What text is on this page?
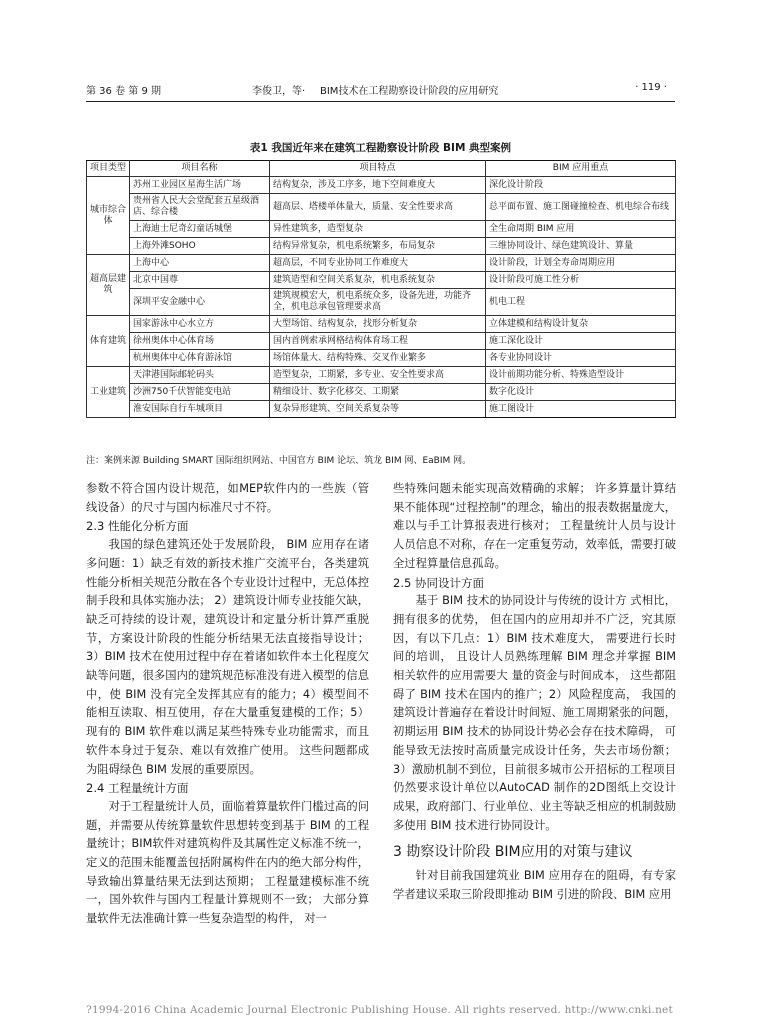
第 36 卷 第 9 期	李俊卫，等· BIM技术在工程勘察设计阶段的应用研究	· 119 ·
表1 我国近年来在建筑工程勘察设计阶段 BIM 典型案例
项目类型	项目名称	项目特点	BIM 应用重点
城市综合体	苏州工业园区星海生活广场	结构复杂，涉及工序多，地下空间难度大	深化设计阶段
	贵州省人民大会堂配套五星级酒店、综合楼	超高层、塔楼单体量大，质量、安全性要求高	总平面布置、施工图碰撞检查、机电综合布线
	上海迪士尼奇幻童话城堡	异性建筑多，造型复杂	全生命周期 BIM 应用
	上海外滩SOHO	结构异常复杂，机电系统繁多，布局复杂	三维协同设计、绿色建筑设计、算量
超高层建筑	上海中心	超高层，不同专业协同工作难度大	设计阶段，计划全寿命周期应用
	北京中国尊	建筑造型和空间关系复杂，机电系统复杂	设计阶段可施工性分析
	深圳平安金融中心	建筑规模宏大，机电系统众多，设备先进，功能齐全，机电总承包管理要求高	机电工程
体育建筑	国家游泳中心水立方	大型场馆、结构复杂，找形分析复杂	立体建模和结构设计复杂
	徐州奥体中心体育场	国内首例索承网格结构体育场工程	施工深化设计
	杭州奥体中心体育游泳馆	场馆体量大、结构特殊、交叉作业繁多	各专业协同设计
工业建筑	天津港国际邮轮码头	造型复杂，工期紧，多专业、安全性要求高	设计前期功能分析、特殊造型设计
	沙洲750千伏智能变电站	精细设计、数字化移交、工期紧	数字化设计
	淮安国际自行车城项目	复杂异形建筑、空间关系复杂等	施工图设计
注：案例来源 Building SMART 国际组织网站、中国官方 BIM 论坛、筑龙 BIM 网、EaBIM 网。

参数不符合国内设计规范，如MEP软件内的一些族（管线设备）的尺寸与国内标准尺寸不符。

2.3 性能化分析方面

我国的绿色建筑还处于发展阶段， BIM 应用存在诸多问题：1）缺乏有效的新技术推广交流平台，各类建筑性能分析相关规范分散在各个专业设计过程中，无总体控制手段和具体实施办法； 2）建筑设计师专业技能欠缺，缺乏可持续的设计观，建筑设计和定量分析计算严重脱节，方案设计阶段的性能分析结果无法直接指导设计；3）BIM 技术在使用过程中存在着诸如软件本土化程度欠缺等问题，很多国内的建筑规范标准没有进入模型的信息中，使 BIM 没有完全发挥其应有的能力；4）模型间不能相互读取、相互使用，存在大量重复建模的工作；5）现有的 BIM 软件难以满足某些特殊专业功能需求，而且软件本身过于复杂、难以有效推广使用。 这些问题都成为阻碍绿色 BIM 发展的重要原因。

2.4 工程量统计方面

对于工程量统计人员，面临着算量软件门槛过高的问题，并需要从传统算量软件思想转变到基于 BIM 的工程量统计；BIM软件对建筑构件及其属性定义标准不统一，定义的范围未能覆盖包括附属构件在内的绝大部分构件，导致输出算量结果无法到达预期； 工程量建模标准不统一，国外软件与国内工程量计算规则不一致； 大部分算量软件无法准确计算一些复杂造型的构件， 对一

些特殊问题未能实现高效精确的求解； 许多算量计算结果不能体现“过程控制”的理念，输出的报表数据量庞大，难以与手工计算报表进行核对； 工程量统计人员与设计人员信息不对称，存在一定重复劳动，效率低，需要打破全过程算量信息孤岛。

2.5 协同设计方面

基于 BIM 技术的协同设计与传统的设计方 式相比，拥有很多的优势， 但在国内的应用却并不广泛，究其原因，有以下几点：1）BIM 技术难度大， 需要进行长时间的培训， 且设计人员熟练理解 BIM 理念并掌握 BIM 相关软件的应用需要大 量的资金与时间成本， 这些都阻碍了 BIM 技术在国内的推广；2）风险程度高， 我国的建筑设计普遍存在着设计时间短、施工周期紧张的问题， 初期运用 BIM 技术的协同设计势必会存在技术障碍， 可能导致无法按时高质量完成设计任务，失去市场份额；3）激励机制不到位，目前很多城市公开招标的工程项目仍然要求设计单位以AutoCAD 制作的2D图纸上交设计成果，政府部门、行业单位、业主等缺乏相应的机制鼓励多使用 BIM 技术进行协同设计。

3 勘察设计阶段 BIM应用的对策与建议

针对目前我国建筑业 BIM 应用存在的阻碍，有专家学者建议采取三阶段即推动 BIM 引进的阶段、BIM 应用

?1994-2016 China Academic Journal Electronic Publishing House. All rights reserved. http://www.cnki.net
